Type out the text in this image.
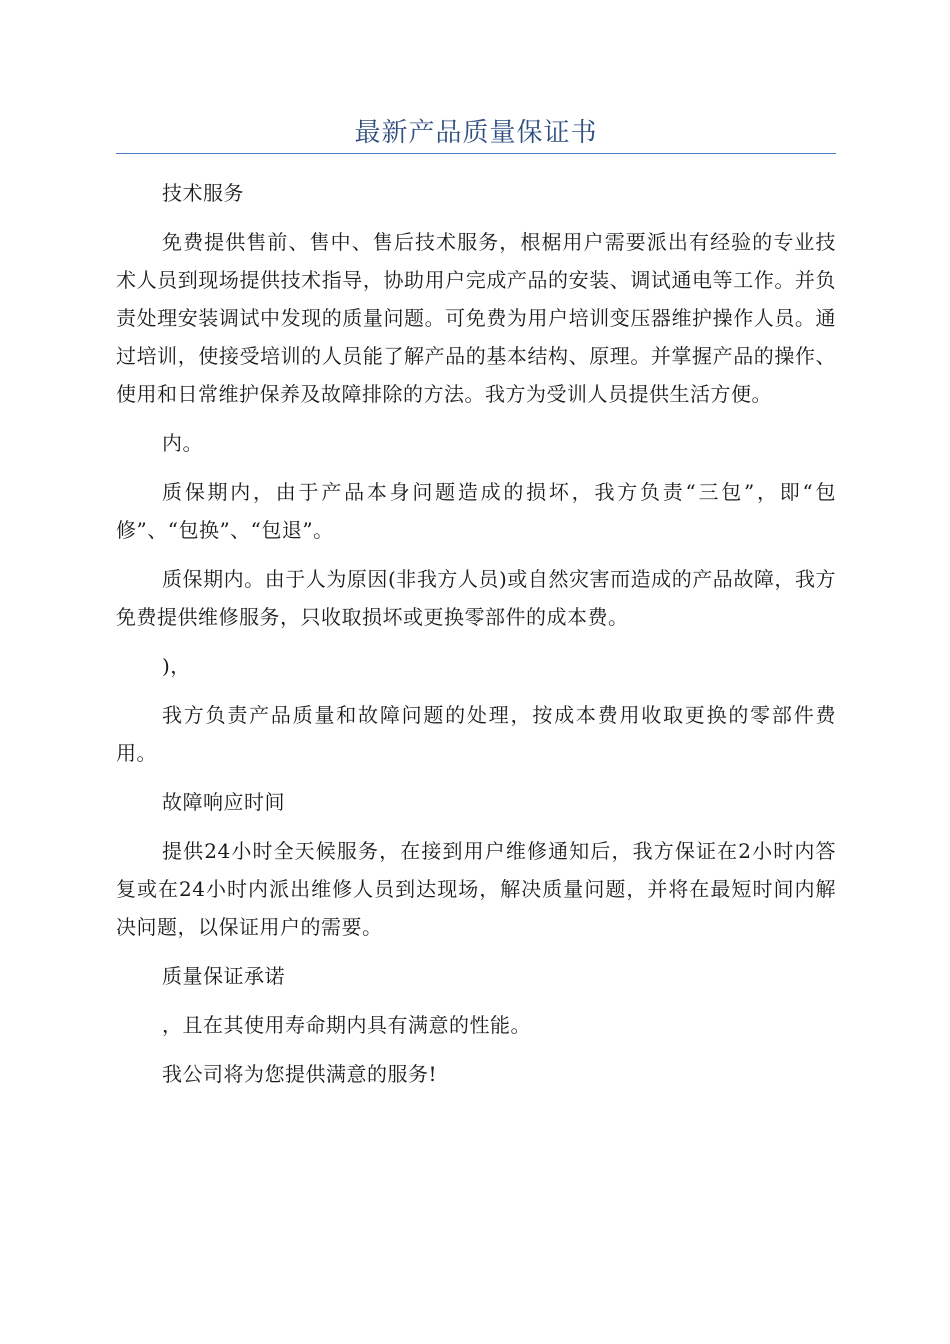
最新产品质量保证书

技术服务

免费提供售前、售中、售后技术服务，根椐用户需要派出有经验的专业技术人员到现场提供技术指导，协助用户完成产品的安装、调试通电等工作。并负责处理安装调试中发现的质量问题。可免费为用户培训变压器维护操作人员。通过培训，使接受培训的人员能了解产品的基本结构、原理。并掌握产品的操作、使用和日常维护保养及故障排除的方法。我方为受训人员提供生活方便。

内。

质保期内，由于产品本身问题造成的损坏，我方负责“三包”，即“包修”、“包换”、“包退”。

质保期内。由于人为原因(非我方人员)或自然灾害而造成的产品故障，我方免费提供维修服务，只收取损坏或更换零部件的成本费。

)，

我方负责产品质量和故障问题的处理，按成本费用收取更换的零部件费用。

故障响应时间

提供24小时全天候服务，在接到用户维修通知后，我方保证在2小时内答复或在24小时内派出维修人员到达现场，解决质量问题，并将在最短时间内解决问题，以保证用户的需要。

质量保证承诺

，且在其使用寿命期内具有满意的性能。

我公司将为您提供满意的服务!
